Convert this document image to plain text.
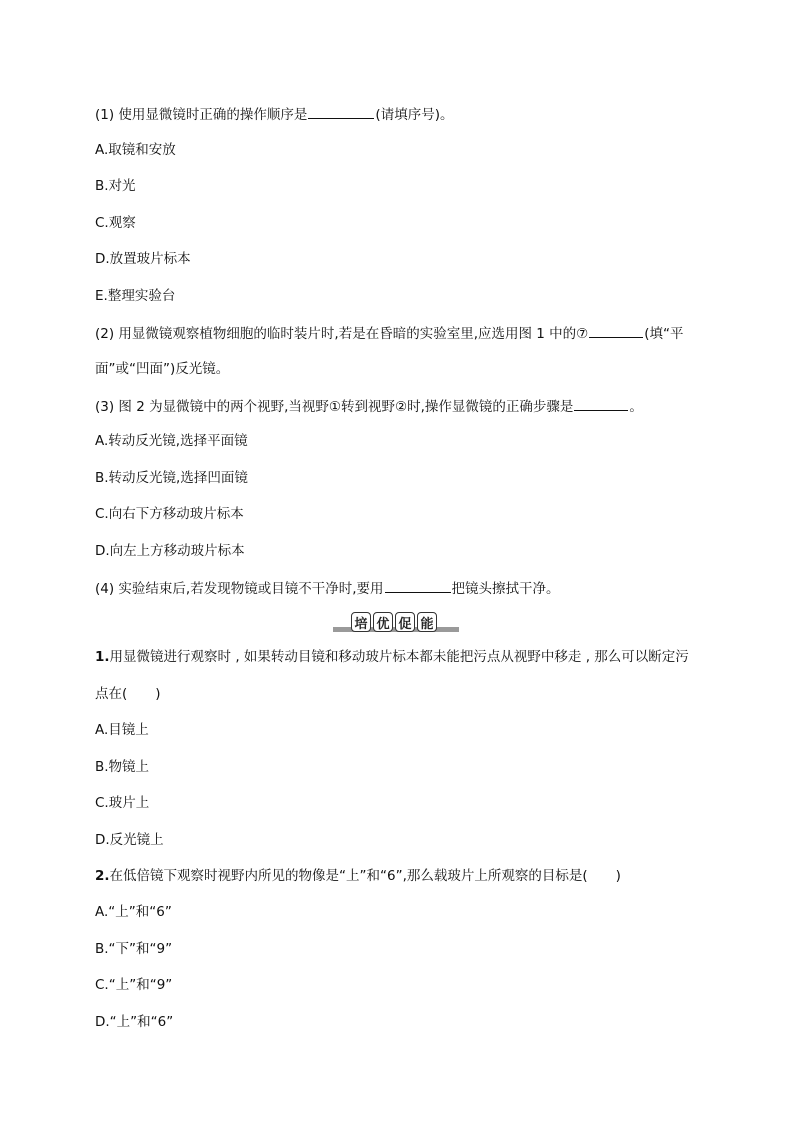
(1) 使用显微镜时正确的操作顺序是	(请填序号)。
A.取镜和安放
B.对光
C.观察
D.放置玻片标本
E.整理实验台
(2) 用显微镜观察植物细胞的临时装片时,若是在昏暗的实验室里,应选用图 1 中的⑦	(填“平
面”或“凹面”)反光镜。
(3) 图 2 为显微镜中的两个视野,当视野①转到视野②时,操作显微镜的正确步骤是	。
A.转动反光镜,选择平面镜
B.转动反光镜,选择凹面镜
C.向右下方移动玻片标本
D.向左上方移动玻片标本
(4) 实验结束后,若发现物镜或目镜不干净时,要用	把镜头擦拭干净。
培 优 促 能
1.用显微镜进行观察时 , 如果转动目镜和移动玻片标本都未能把污点从视野中移走 , 那么可以断定污
点在( )
A.目镜上
B.物镜上
C.玻片上
D.反光镜上
2.在低倍镜下观察时视野内所见的物像是“上”和“6”,那么载玻片上所观察的目标是( )
A.“上”和“6”
B.“下”和“9”
C.“上”和“9”
D.“上”和“6”
